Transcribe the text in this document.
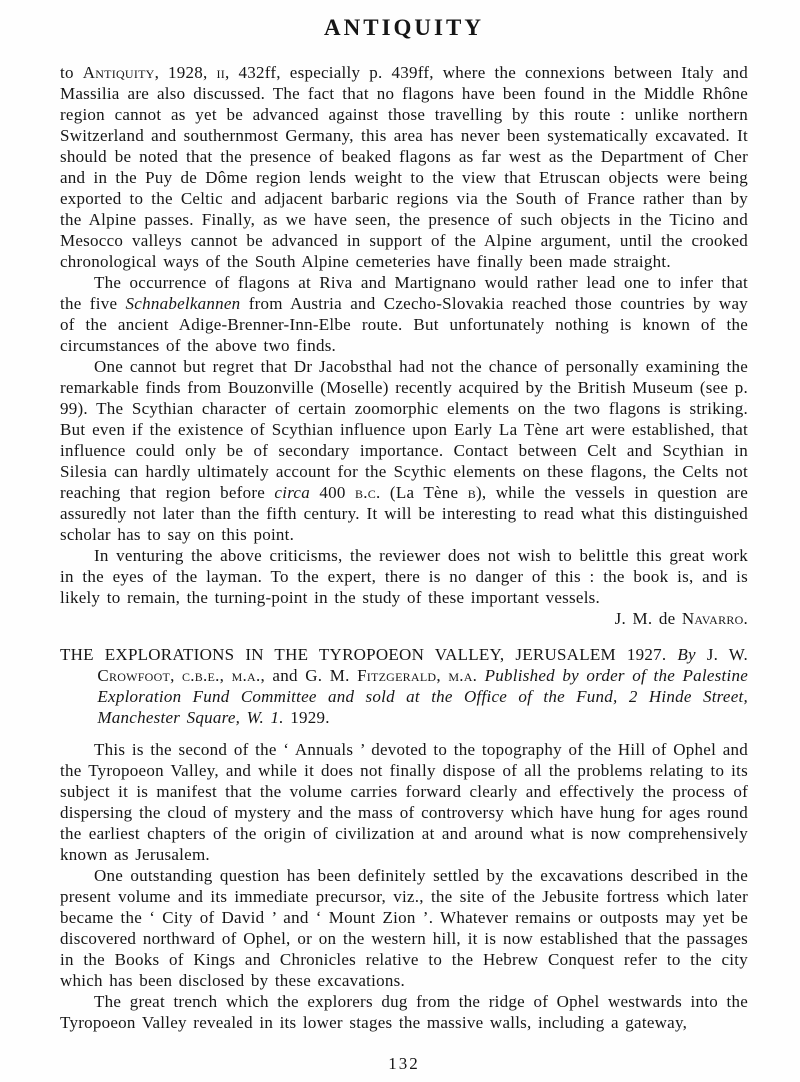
ANTIQUITY

to Antiquity, 1928, ii, 432ff, especially p. 439ff, where the connexions between Italy and Massilia are also discussed. The fact that no flagons have been found in the Middle Rhône region cannot as yet be advanced against those travelling by this route : unlike northern Switzerland and southernmost Germany, this area has never been systematically excavated. It should be noted that the presence of beaked flagons as far west as the Department of Cher and in the Puy de Dôme region lends weight to the view that Etruscan objects were being exported to the Celtic and adjacent barbaric regions via the South of France rather than by the Alpine passes. Finally, as we have seen, the presence of such objects in the Ticino and Mesocco valleys cannot be advanced in support of the Alpine argument, until the crooked chronological ways of the South Alpine cemeteries have finally been made straight.

The occurrence of flagons at Riva and Martignano would rather lead one to infer that the five Schnabelkannen from Austria and Czecho-Slovakia reached those countries by way of the ancient Adige-Brenner-Inn-Elbe route. But unfortunately nothing is known of the circumstances of the above two finds.

One cannot but regret that Dr Jacobsthal had not the chance of personally examining the remarkable finds from Bouzonville (Moselle) recently acquired by the British Museum (see p. 99). The Scythian character of certain zoomorphic elements on the two flagons is striking. But even if the existence of Scythian influence upon Early La Tène art were established, that influence could only be of secondary importance. Contact between Celt and Scythian in Silesia can hardly ultimately account for the Scythic elements on these flagons, the Celts not reaching that region before circa 400 b.c. (La Tène b), while the vessels in question are assuredly not later than the fifth century. It will be interesting to read what this distinguished scholar has to say on this point.

In venturing the above criticisms, the reviewer does not wish to belittle this great work in the eyes of the layman. To the expert, there is no danger of this : the book is, and is likely to remain, the turning-point in the study of these important vessels.

J. M. de Navarro.

THE EXPLORATIONS IN THE TYROPOEON VALLEY, JERUSALEM 1927. By J. W. Crowfoot, c.b.e., m.a., and G. M. Fitzgerald, m.a. Published by order of the Palestine Exploration Fund Committee and sold at the Office of the Fund, 2 Hinde Street, Manchester Square, W. 1. 1929.

This is the second of the ‘ Annuals ’ devoted to the topography of the Hill of Ophel and the Tyropoeon Valley, and while it does not finally dispose of all the problems relating to its subject it is manifest that the volume carries forward clearly and effectively the process of dispersing the cloud of mystery and the mass of controversy which have hung for ages round the earliest chapters of the origin of civilization at and around what is now comprehensively known as Jerusalem.

One outstanding question has been definitely settled by the excavations described in the present volume and its immediate precursor, viz., the site of the Jebusite fortress which later became the ‘ City of David ’ and ‘ Mount Zion ’. Whatever remains or outposts may yet be discovered northward of Ophel, or on the western hill, it is now established that the passages in the Books of Kings and Chronicles relative to the Hebrew Conquest refer to the city which has been disclosed by these excavations.

The great trench which the explorers dug from the ridge of Ophel westwards into the Tyropoeon Valley revealed in its lower stages the massive walls, including a gateway,

132
